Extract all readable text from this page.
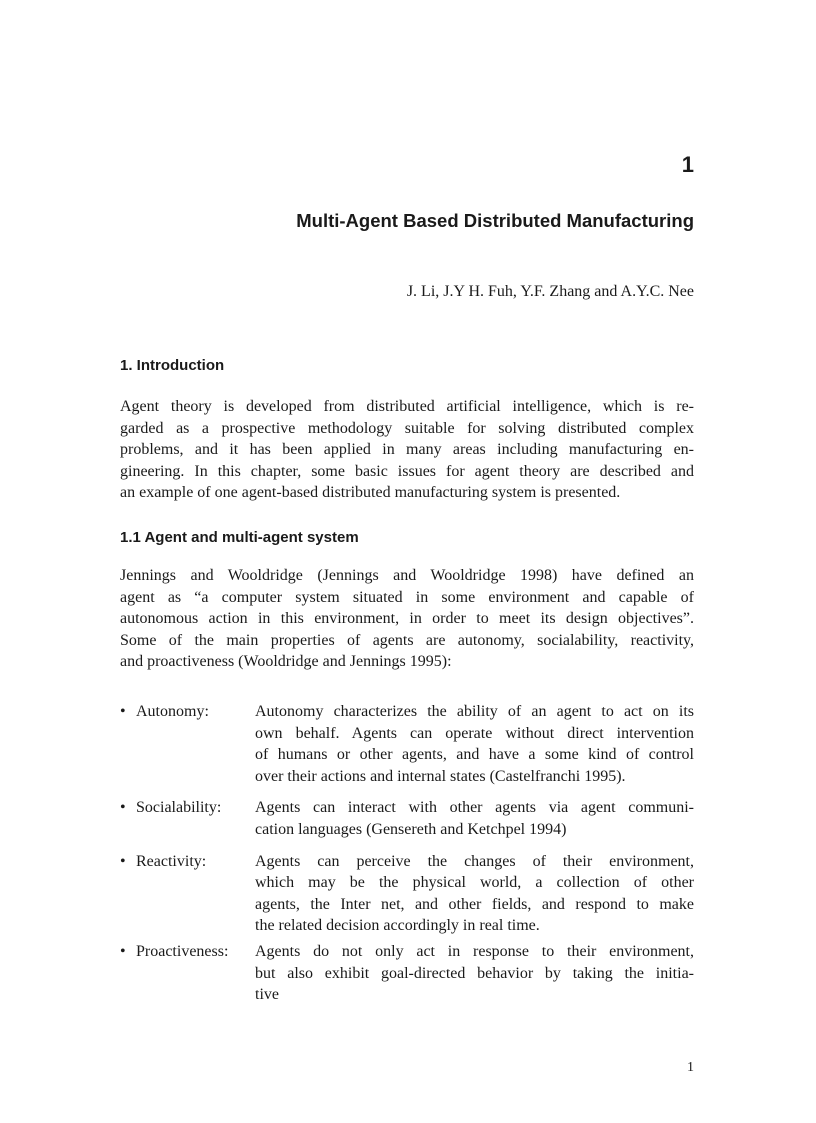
1
Multi-Agent Based Distributed Manufacturing
J. Li, J.Y H. Fuh, Y.F. Zhang and A.Y.C. Nee
1. Introduction

Agent theory is developed from distributed artificial intelligence, which is re-
garded as a prospective methodology suitable for solving distributed complex
problems, and it has been applied in many areas including manufacturing en-
gineering. In this chapter, some basic issues for agent theory are described and
an example of one agent-based distributed manufacturing system is presented.

1.1 Agent and multi-agent system

Jennings and Wooldridge (Jennings and Wooldridge 1998) have defined an
agent as “a computer system situated in some environment and capable of
autonomous action in this environment, in order to meet its design objectives”.
Some of the main properties of agents are autonomy, socialability, reactivity,
and proactiveness (Wooldridge and Jennings 1995):

• Autonomy:	Autonomy characterizes the ability of an agent to act on its
own behalf. Agents can operate without direct intervention
of humans or other agents, and have a some kind of control
over their actions and internal states (Castelfranchi 1995).
• Socialability: Agents can interact with other agents via agent communi-
cation languages (Gensereth and Ketchpel 1994)
• Reactivity:	Agents can perceive the changes of their environment,
which may be the physical world, a collection of other
agents, the Inter net, and other fields, and respond to make
the related decision accordingly in real time.
• Proactiveness: Agents do not only act in response to their environment,
but also exhibit goal-directed behavior by taking the initia-
tive
1
